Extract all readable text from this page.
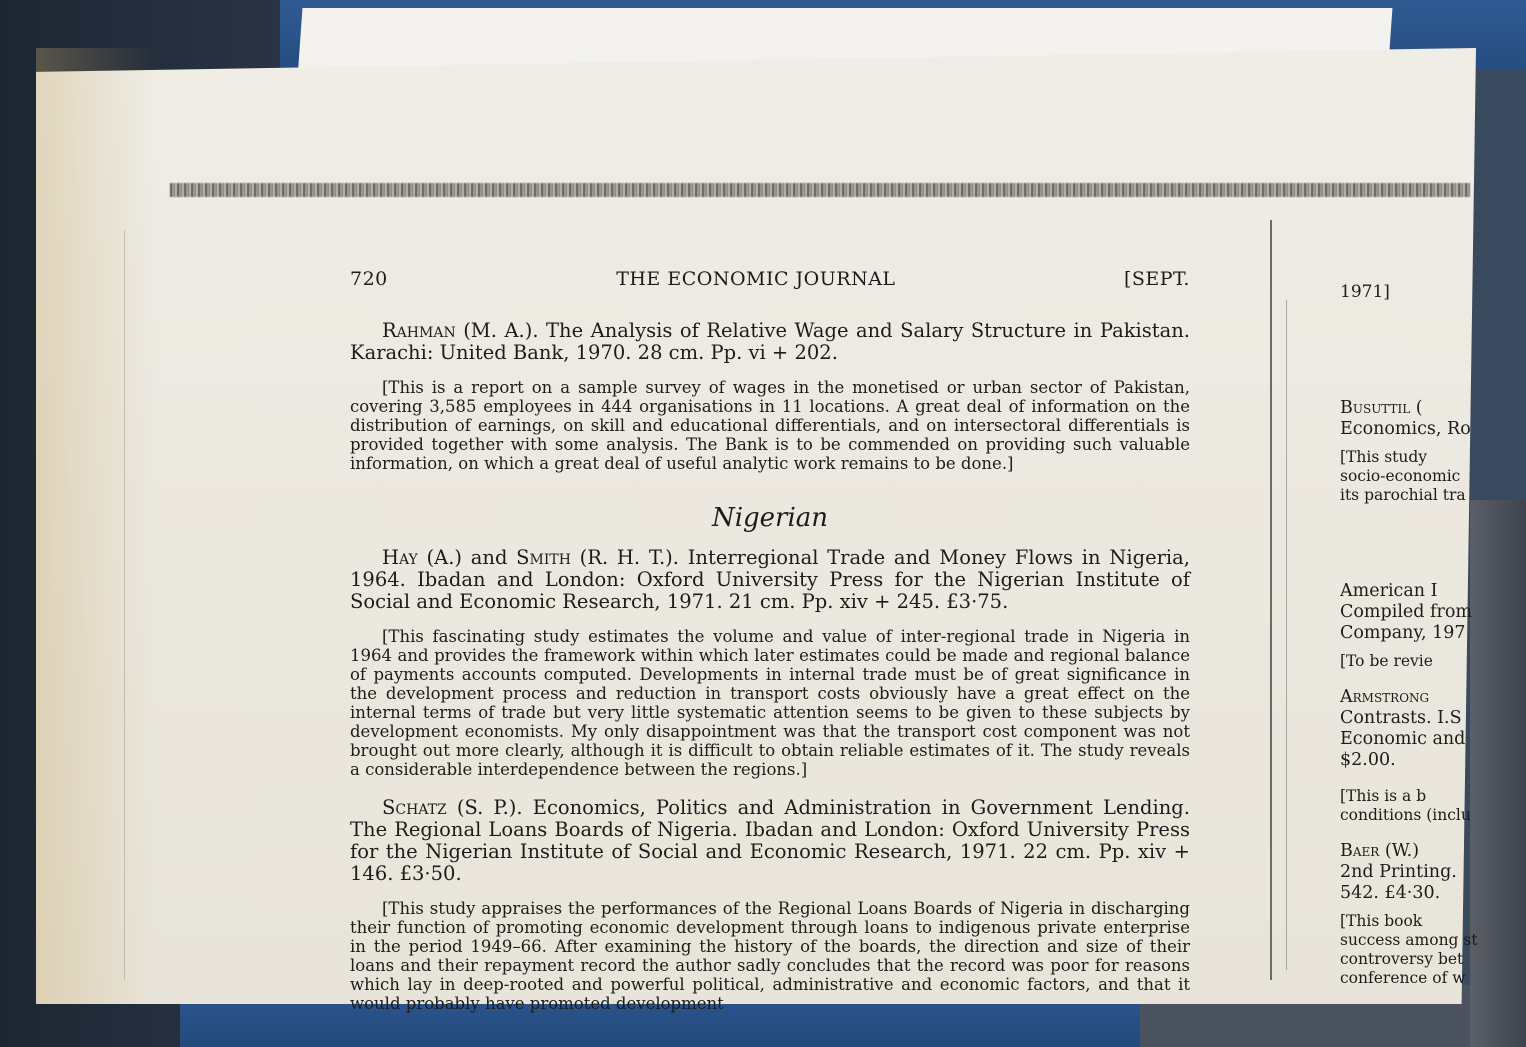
720	THE ECONOMIC JOURNAL	[SEPT.

Rahman (M. A.). The Analysis of Relative Wage and Salary Structure in Pakistan. Karachi: United Bank, 1970. 28 cm. Pp. vi + 202.

[This is a report on a sample survey of wages in the monetised or urban sector of Pakistan, covering 3,585 employees in 444 organisations in 11 locations. A great deal of information on the distribution of earnings, on skill and educational differentials, and on intersectoral differentials is provided together with some analysis. The Bank is to be commended on providing such valuable information, on which a great deal of useful analytic work remains to be done.]

Nigerian

Hay (A.) and Smith (R. H. T.). Interregional Trade and Money Flows in Nigeria, 1964. Ibadan and London: Oxford University Press for the Nigerian Institute of Social and Economic Research, 1971. 21 cm. Pp. xiv + 245. £3·75.

[This fascinating study estimates the volume and value of inter-regional trade in Nigeria in 1964 and provides the framework within which later estimates could be made and regional balance of payments accounts computed. Developments in internal trade must be of great significance in the development process and reduction in transport costs obviously have a great effect on the internal terms of trade but very little systematic attention seems to be given to these subjects by development economists. My only disappointment was that the transport cost component was not brought out more clearly, although it is difficult to obtain reliable estimates of it. The study reveals a considerable interdependence between the regions.]

Schatz (S. P.). Economics, Politics and Administration in Government Lending. The Regional Loans Boards of Nigeria. Ibadan and London: Oxford University Press for the Nigerian Institute of Social and Economic Research, 1971. 22 cm. Pp. xiv + 146. £3·50.

[This study appraises the performances of the Regional Loans Boards of Nigeria in discharging their function of promoting economic development through loans to indigenous private enterprise in the period 1949–66. After examining the history of the boards, the direction and size of their loans and their repayment record the author sadly concludes that the record was poor for reasons which lay in deep-rooted and powerful political, administrative and economic factors, and that it would probably have promoted development

1971]

Busuttil (

Economics, Ro

[This study

socio-economic

its parochial tra

American I

Compiled from

Company, 197

[To be revie

Armstrong

Contrasts. I.S

Economic and

$2.00.

[This is a b

conditions (inclu

Baer (W.)

2nd Printing.

542. £4·30.

[This book

success among st

controversy bet

conference of w
